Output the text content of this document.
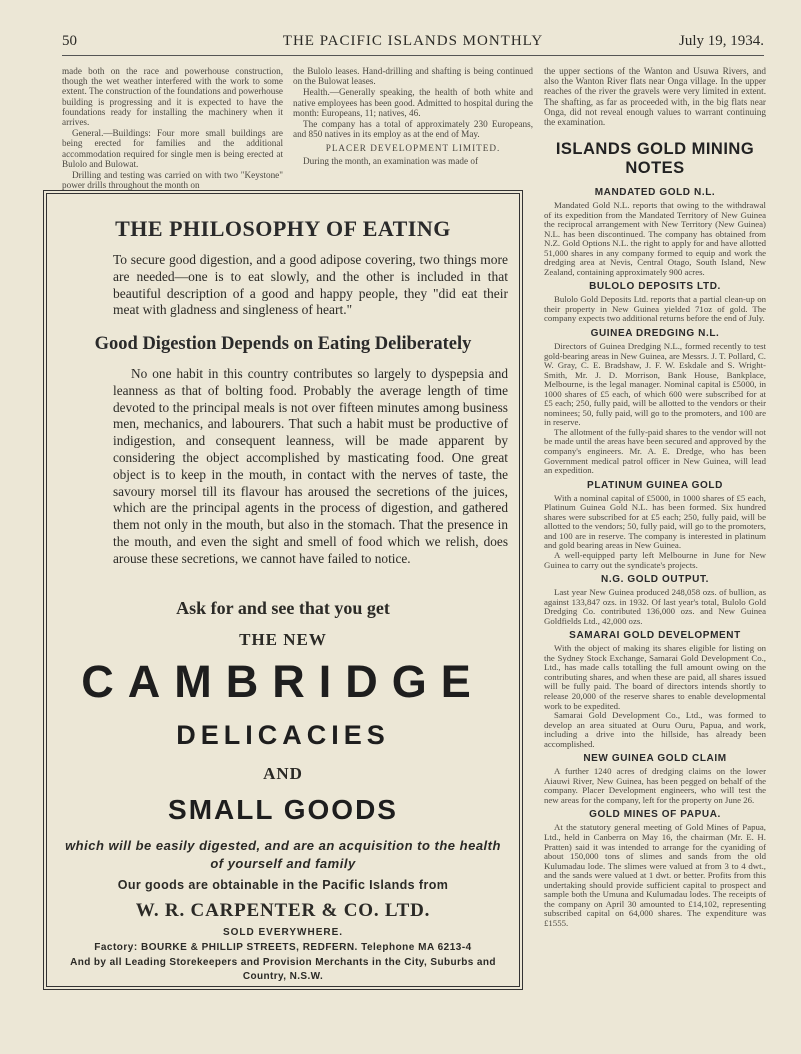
50	THE PACIFIC ISLANDS MONTHLY	July 19, 1934.

made both on the race and powerhouse construction, though the wet weather interfered with the work to some extent. The construction of the foundations and powerhouse building is progressing and it is expected to have the foundations ready for installing the machinery when it arrives.

General.—Buildings: Four more small buildings are being erected for families and the additional accommodation required for single men is being erected at Bulolo and Bulowat.

Drilling and testing was carried on with two "Keystone" power drills throughout the month on

the Bulolo leases. Hand-drilling and shafting is being continued on the Bulowat leases.

Health.—Generally speaking, the health of both white and native employees has been good. Admitted to hospital during the month: Europeans, 11; natives, 46.

The company has a total of approximately 230 Europeans, and 850 natives in its employ as at the end of May.

PLACER DEVELOPMENT LIMITED.

During the month, an examination was made of

the upper sections of the Wanton and Usuwa Rivers, and also the Wanton River flats near Onga village. In the upper reaches of the river the gravels were very limited in extent. The shafting, as far as proceeded with, in the big flats near Onga, did not reveal enough values to warrant continuing the examination.

ISLANDS GOLD MINING NOTES
MANDATED GOLD N.L.

Mandated Gold N.L. reports that owing to the withdrawal of its expedition from the Mandated Territory of New Guinea the reciprocal arrangement with New Territory (New Guinea) N.L. has been discontinued. The company has obtained from N.Z. Gold Options N.L. the right to apply for and have allotted 51,000 shares in any company formed to equip and work the dredging area at Nevis, Central Otago, South Island, New Zealand, containing approximately 900 acres.

BULOLO DEPOSITS LTD.

Bulolo Gold Deposits Ltd. reports that a partial clean-up on their property in New Guinea yielded 71oz of gold. The company expects two additional returns before the end of July.

GUINEA DREDGING N.L.

Directors of Guinea Dredging N.L., formed recently to test gold-bearing areas in New Guinea, are Messrs. J. T. Pollard, C. W. Gray, C. E. Bradshaw, J. F. W. Eskdale and S. Wright-Smith, Mr. J. D. Morrison, Bank House, Bankplace, Melbourne, is the legal manager. Nominal capital is £5000, in 1000 shares of £5 each, of which 600 were subscribed for at £5 each; 250, fully paid, will be allotted to the vendors or their nominees; 50, fully paid, will go to the promoters, and 100 are in reserve.

The allotment of the fully-paid shares to the vendor will not be made until the areas have been secured and approved by the company's engineers. Mr. A. E. Dredge, who has been Government medical patrol officer in New Guinea, will lead an expedition.

PLATINUM GUINEA GOLD

With a nominal capital of £5000, in 1000 shares of £5 each, Platinum Guinea Gold N.L. has been formed. Six hundred shares were subscribed for at £5 each; 250, fully paid, will be allotted to the vendors; 50, fully paid, will go to the promoters, and 100 are in reserve. The company is interested in platinum and gold bearing areas in New Guinea.

A well-equipped party left Melbourne in June for New Guinea to carry out the syndicate's projects.

N.G. GOLD OUTPUT.

Last year New Guinea produced 248,058 ozs. of bullion, as against 133,847 ozs. in 1932. Of last year's total, Bulolo Gold Dredging Co. contributed 136,000 ozs. and New Guinea Goldfields Ltd., 42,000 ozs.

SAMARAI GOLD DEVELOPMENT

With the object of making its shares eligible for listing on the Sydney Stock Exchange, Samarai Gold Development Co., Ltd., has made calls totalling the full amount owing on the contributing shares, and when these are paid, all shares issued will be fully paid. The board of directors intends shortly to release 20,000 of the reserve shares to enable developmental work to be expedited.

Samarai Gold Development Co., Ltd., was formed to develop an area situated at Ouru Ouru, Papua, and work, including a drive into the hillside, has already been accomplished.

NEW GUINEA GOLD CLAIM

A further 1240 acres of dredging claims on the lower Aiauwi River, New Guinea, has been pegged on behalf of the company. Placer Development engineers, who will test the new areas for the company, left for the property on June 26.

GOLD MINES OF PAPUA.

At the statutory general meeting of Gold Mines of Papua, Ltd., held in Canberra on May 16, the chairman (Mr. E. H. Pratten) said it was intended to arrange for the cyaniding of about 150,000 tons of slimes and sands from the old Kulumadau lode. The slimes were valued at from 3 to 4 dwt., and the sands were valued at 1 dwt. or better. Profits from this undertaking should provide sufficient capital to prospect and sample both the Umuna and Kulumadau lodes. The receipts of the company on April 30 amounted to £14,102, representing subscribed capital on 64,000 shares. The expenditure was £1555.

THE PHILOSOPHY OF EATING
To secure good digestion, and a good adipose covering, two things more are needed—one is to eat slowly, and the other is included in that beautiful description of a good and happy people, they "did eat their meat with gladness and singleness of heart."
Good Digestion Depends on Eating Deliberately
No one habit in this country contributes so largely to dyspepsia and leanness as that of bolting food. Probably the average length of time devoted to the principal meals is not over fifteen minutes among business men, mechanics, and labourers. That such a habit must be productive of indigestion, and consequent leanness, will be made apparent by considering the object accomplished by masticating food. One great object is to keep in the mouth, in contact with the nerves of taste, the savoury morsel till its flavour has aroused the secretions of the juices, which are the principal agents in the process of digestion, and gathered them not only in the mouth, but also in the stomach. That the presence in the mouth, and even the sight and smell of food which we relish, does arouse these secretions, we cannot have failed to notice.
Ask for and see that you get
THE NEW
CAMBRIDGE
DELICACIES
AND
SMALL GOODS
which will be easily digested, and are an acquisition to the health of yourself and family
Our goods are obtainable in the Pacific Islands from
W. R. CARPENTER & CO. LTD.
SOLD EVERYWHERE.
Factory: BOURKE & PHILLIP STREETS, REDFERN. Telephone MA 6213-4
And by all Leading Storekeepers and Provision Merchants in the City, Suburbs and Country, N.S.W.
